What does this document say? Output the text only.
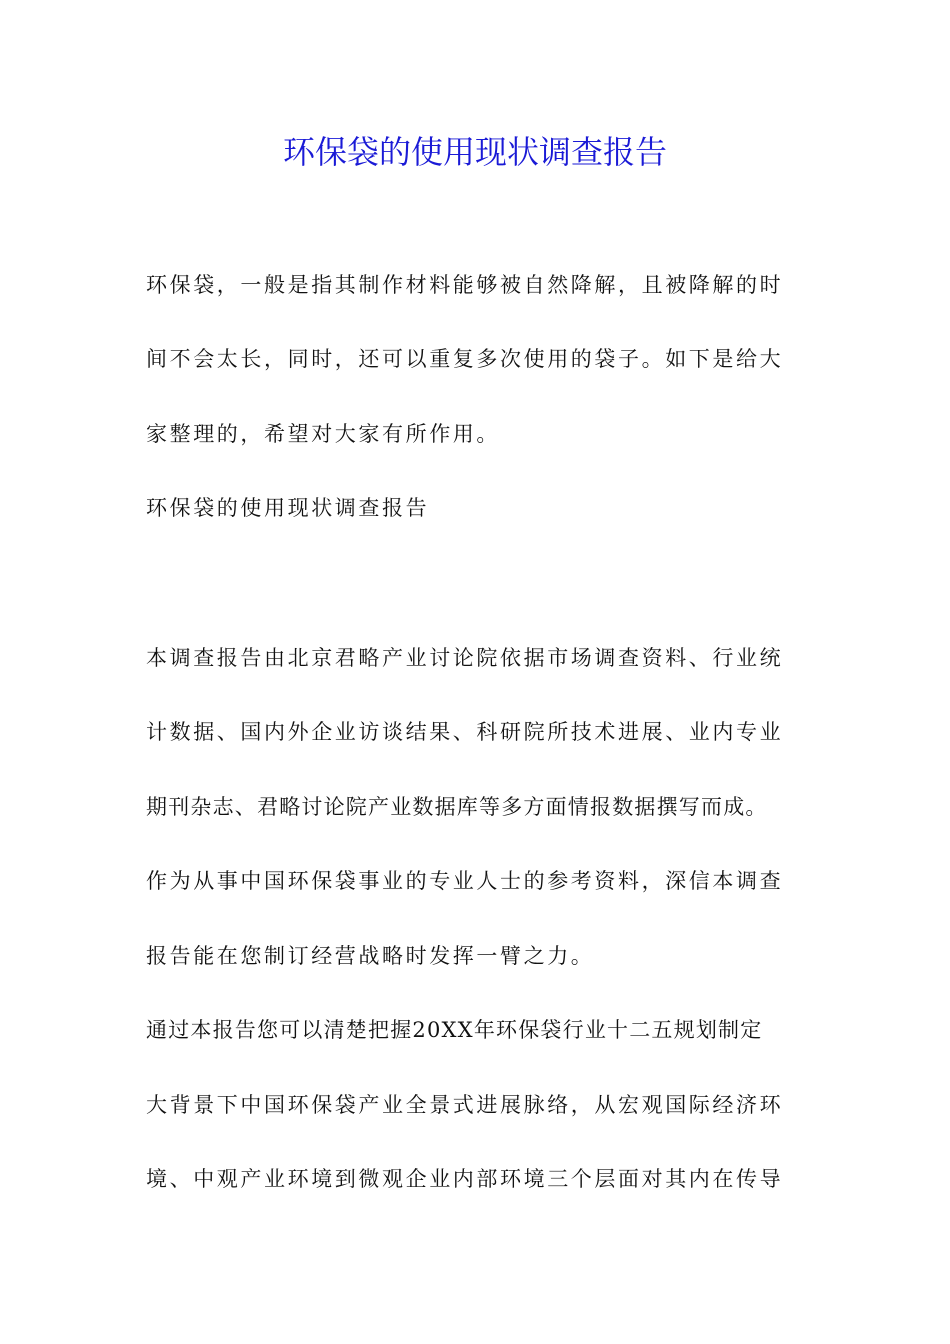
环保袋的使用现状调查报告
环保袋，一般是指其制作材料能够被自然降解，且被降解的时
间不会太长，同时，还可以重复多次使用的袋子。如下是给大
家整理的，希望对大家有所作用。
环保袋的使用现状调查报告
本调查报告由北京君略产业讨论院依据市场调查资料、行业统
计数据、国内外企业访谈结果、科研院所技术进展、业内专业
期刊杂志、君略讨论院产业数据库等多方面情报数据撰写而成。
作为从事中国环保袋事业的专业人士的参考资料，深信本调查
报告能在您制订经营战略时发挥一臂之力。
通过本报告您可以清楚把握20XX年环保袋行业十二五规划制定
大背景下中国环保袋产业全景式进展脉络，从宏观国际经济环
境、中观产业环境到微观企业内部环境三个层面对其内在传导
